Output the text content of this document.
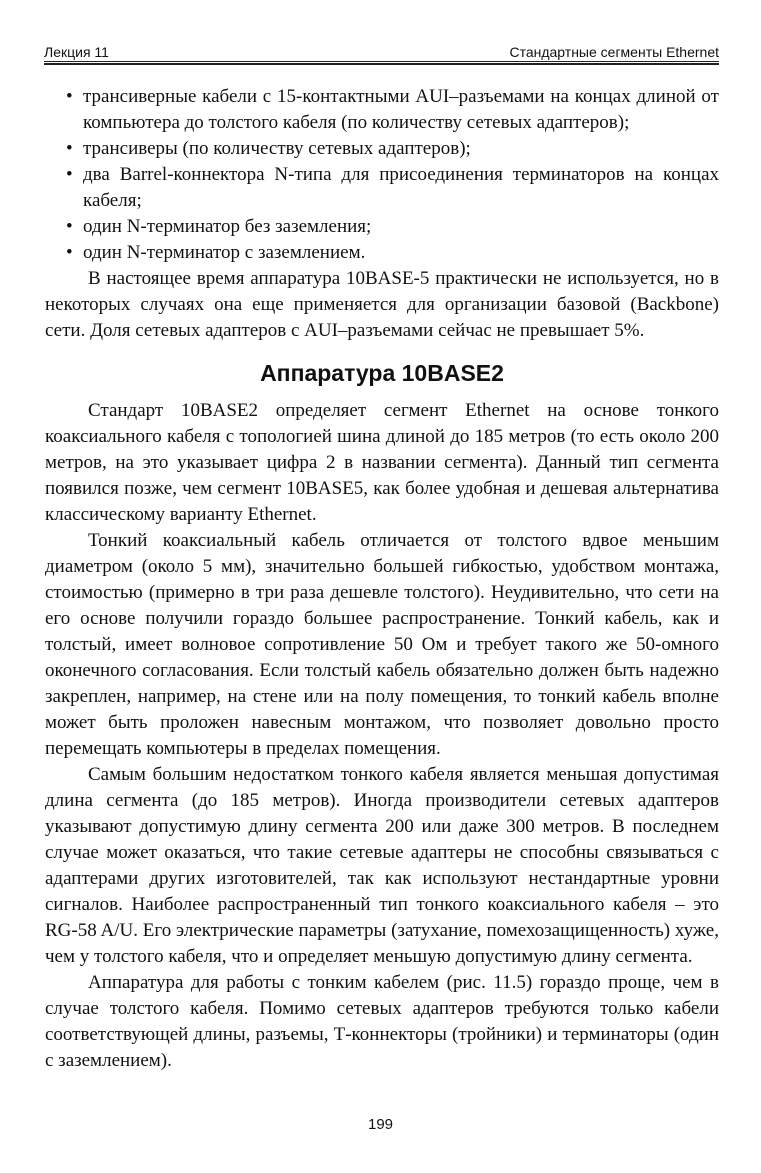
Лекция 11	Стандартные сегменты Ethernet
• трансиверные кабели с 15-контактными AUI–разъемами на концах длиной от компьютера до толстого кабеля (по количеству сетевых адаптеров);
• трансиверы (по количеству сетевых адаптеров);
• два Barrel-коннектора N-типа для присоединения терминаторов на концах кабеля;
• один N-терминатор без заземления;
• один N-терминатор с заземлением.

В настоящее время аппаратура 10BASE-5 практически не используется, но в некоторых случаях она еще применяется для организации базовой (Backbone) сети. Доля сетевых адаптеров с AUI–разъемами сейчас не превышает 5%.

Аппаратура 10BASE2

Стандарт 10BASE2 определяет сегмент Ethernet на основе тонкого коаксиального кабеля с топологией шина длиной до 185 метров (то есть около 200 метров, на это указывает цифра 2 в названии сегмента). Данный тип сегмента появился позже, чем сегмент 10BASE5, как более удобная и дешевая альтернатива классическому варианту Ethernet.

Тонкий коаксиальный кабель отличается от толстого вдвое меньшим диаметром (около 5 мм), значительно большей гибкостью, удобством монтажа, стоимостью (примерно в три раза дешевле толстого). Неудивительно, что сети на его основе получили гораздо большее распространение. Тонкий кабель, как и толстый, имеет волновое сопротивление 50 Ом и требует такого же 50-омного оконечного согласования. Если толстый кабель обязательно должен быть надежно закреплен, например, на стене или на полу помещения, то тонкий кабель вполне может быть проложен навесным монтажом, что позволяет довольно просто перемещать компьютеры в пределах помещения.

Самым большим недостатком тонкого кабеля является меньшая допустимая длина сегмента (до 185 метров). Иногда производители сетевых адаптеров указывают допустимую длину сегмента 200 или даже 300 метров. В последнем случае может оказаться, что такие сетевые адаптеры не способны связываться с адаптерами других изготовителей, так как используют нестандартные уровни сигналов. Наиболее распространенный тип тонкого коаксиального кабеля – это RG-58 A/U. Его электрические параметры (затухание, помехозащищенность) хуже, чем у толстого кабеля, что и определяет меньшую допустимую длину сегмента.

Аппаратура для работы с тонким кабелем (рис. 11.5) гораздо проще, чем в случае толстого кабеля. Помимо сетевых адаптеров требуются только кабели соответствующей длины, разъемы, Т-коннекторы (тройники) и терминаторы (один с заземлением).

199
